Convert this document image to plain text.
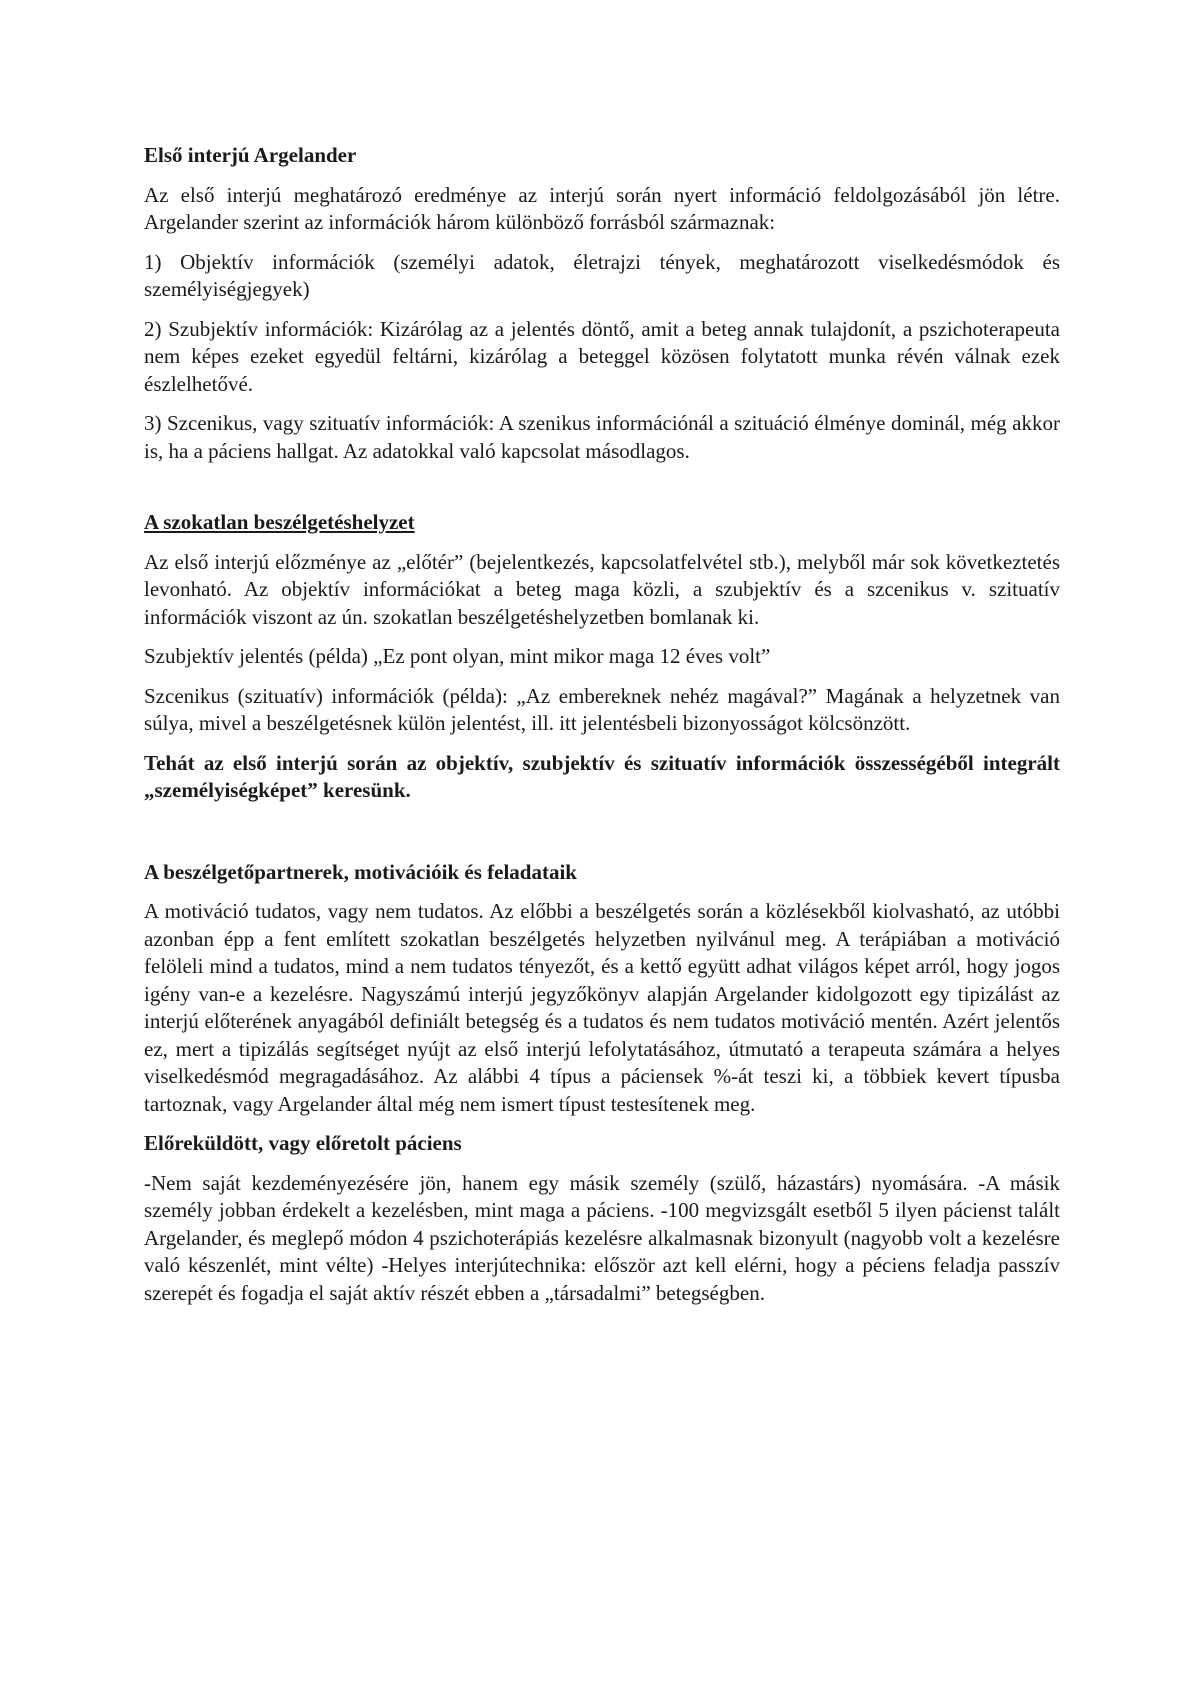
Első interjú Argelander

Az első interjú meghatározó eredménye az interjú során nyert információ feldolgozásából jön létre. Argelander szerint az információk három különböző forrásból származnak:

1) Objektív információk (személyi adatok, életrajzi tények, meghatározott viselkedésmódok és személyiségjegyek)

2) Szubjektív információk: Kizárólag az a jelentés döntő, amit a beteg annak tulajdonít, a pszichoterapeuta nem képes ezeket egyedül feltárni, kizárólag a beteggel közösen folytatott munka révén válnak ezek észlelhetővé.

3) Szcenikus, vagy szituatív információk: A szenikus információnál a szituáció élménye dominál, még akkor is, ha a páciens hallgat. Az adatokkal való kapcsolat másodlagos.

A szokatlan beszélgetéshelyzet

Az első interjú előzménye az „előtér” (bejelentkezés, kapcsolatfelvétel stb.), melyből már sok következtetés levonható. Az objektív információkat a beteg maga közli, a szubjektív és a szcenikus v. szituatív információk viszont az ún. szokatlan beszélgetéshelyzetben bomlanak ki.

Szubjektív jelentés (példa) „Ez pont olyan, mint mikor maga 12 éves volt”

Szcenikus (szituatív) információk (példa): „Az embereknek nehéz magával?” Magának a helyzetnek van súlya, mivel a beszélgetésnek külön jelentést, ill. itt jelentésbeli bizonyosságot kölcsönzött.

Tehát az első interjú során az objektív, szubjektív és szituatív információk összességéből integrált „személyiségképet” keresünk.

A beszélgetőpartnerek, motivációik és feladataik

A motiváció tudatos, vagy nem tudatos. Az előbbi a beszélgetés során a közlésekből kiolvasható, az utóbbi azonban épp a fent említett szokatlan beszélgetés helyzetben nyilvánul meg. A terápiában a motiváció felöleli mind a tudatos, mind a nem tudatos tényezőt, és a kettő együtt adhat világos képet arról, hogy jogos igény van-e a kezelésre. Nagyszámú interjú jegyzőkönyv alapján Argelander kidolgozott egy tipizálást az interjú előterének anyagából definiált betegség és a tudatos és nem tudatos motiváció mentén. Azért jelentős ez, mert a tipizálás segítséget nyújt az első interjú lefolytatásához, útmutató a terapeuta számára a helyes viselkedésmód megragadásához. Az alábbi 4 típus a páciensek %-át teszi ki, a többiek kevert típusba tartoznak, vagy Argelander által még nem ismert típust testesítenek meg.

Előreküldött, vagy előretolt páciens

-Nem saját kezdeményezésére jön, hanem egy másik személy (szülő, házastárs) nyomására. -A másik személy jobban érdekelt a kezelésben, mint maga a páciens. -100 megvizsgált esetből 5 ilyen pácienst talált Argelander, és meglepő módon 4 pszichoterápiás kezelésre alkalmasnak bizonyult (nagyobb volt a kezelésre való készenlét, mint vélte) -Helyes interjútechnika: először azt kell elérni, hogy a péciens feladja passzív szerepét és fogadja el saját aktív részét ebben a „társadalmi” betegségben.
